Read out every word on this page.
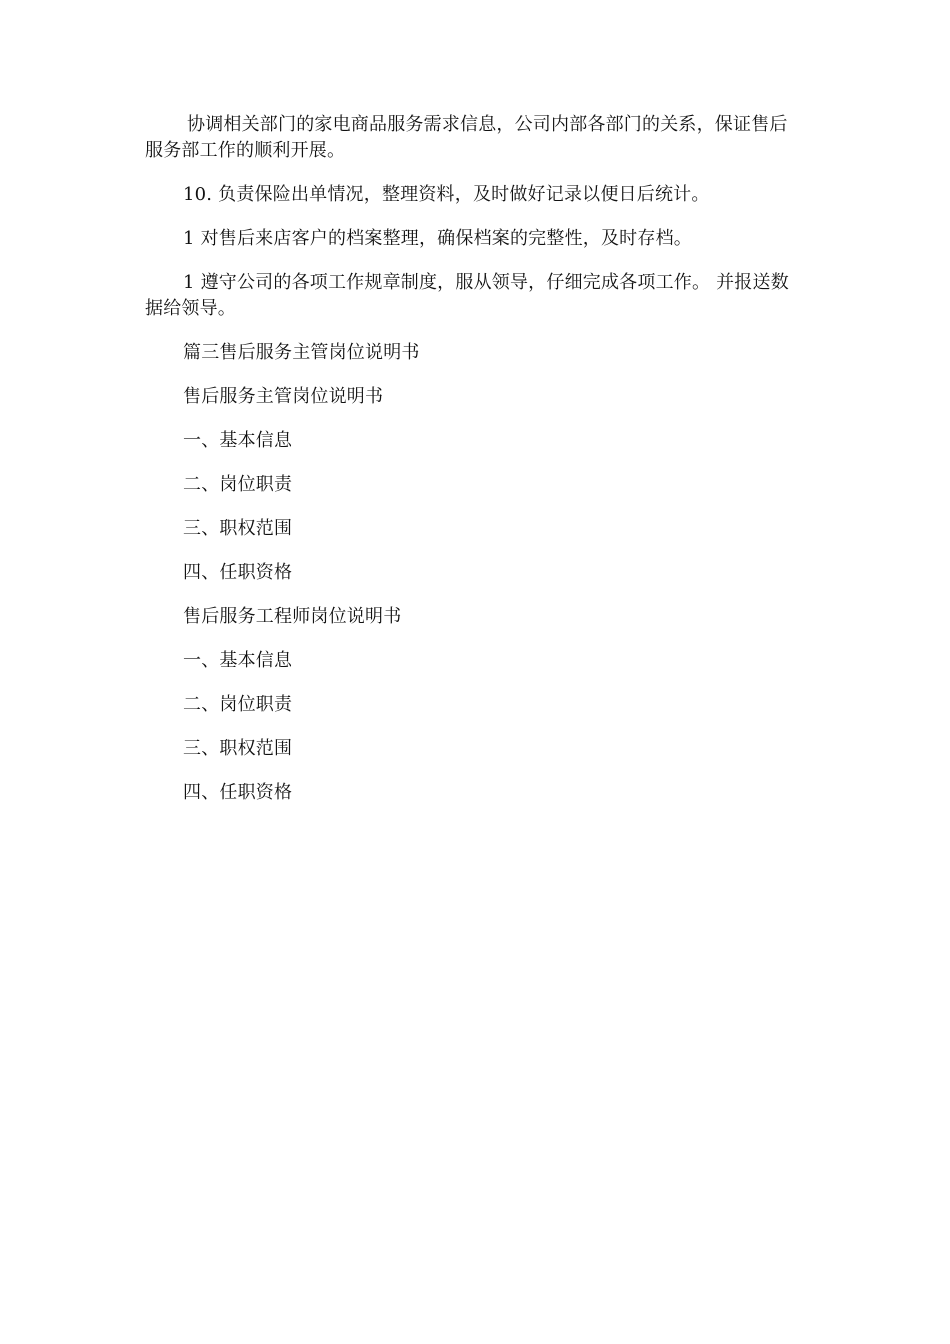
协调相关部门的家电商品服务需求信息，公司内部各部门的关系，保证售后服务部工作的顺利开展。

10. 负责保险出单情况，整理资料，及时做好记录以便日后统计。

1 对售后来店客户的档案整理，确保档案的完整性，及时存档。

1 遵守公司的各项工作规章制度，服从领导，仔细完成各项工作。 并报送数据给领导。

篇三售后服务主管岗位说明书

售后服务主管岗位说明书

一、基本信息

二、岗位职责

三、职权范围

四、任职资格

售后服务工程师岗位说明书

一、基本信息

二、岗位职责

三、职权范围

四、任职资格
